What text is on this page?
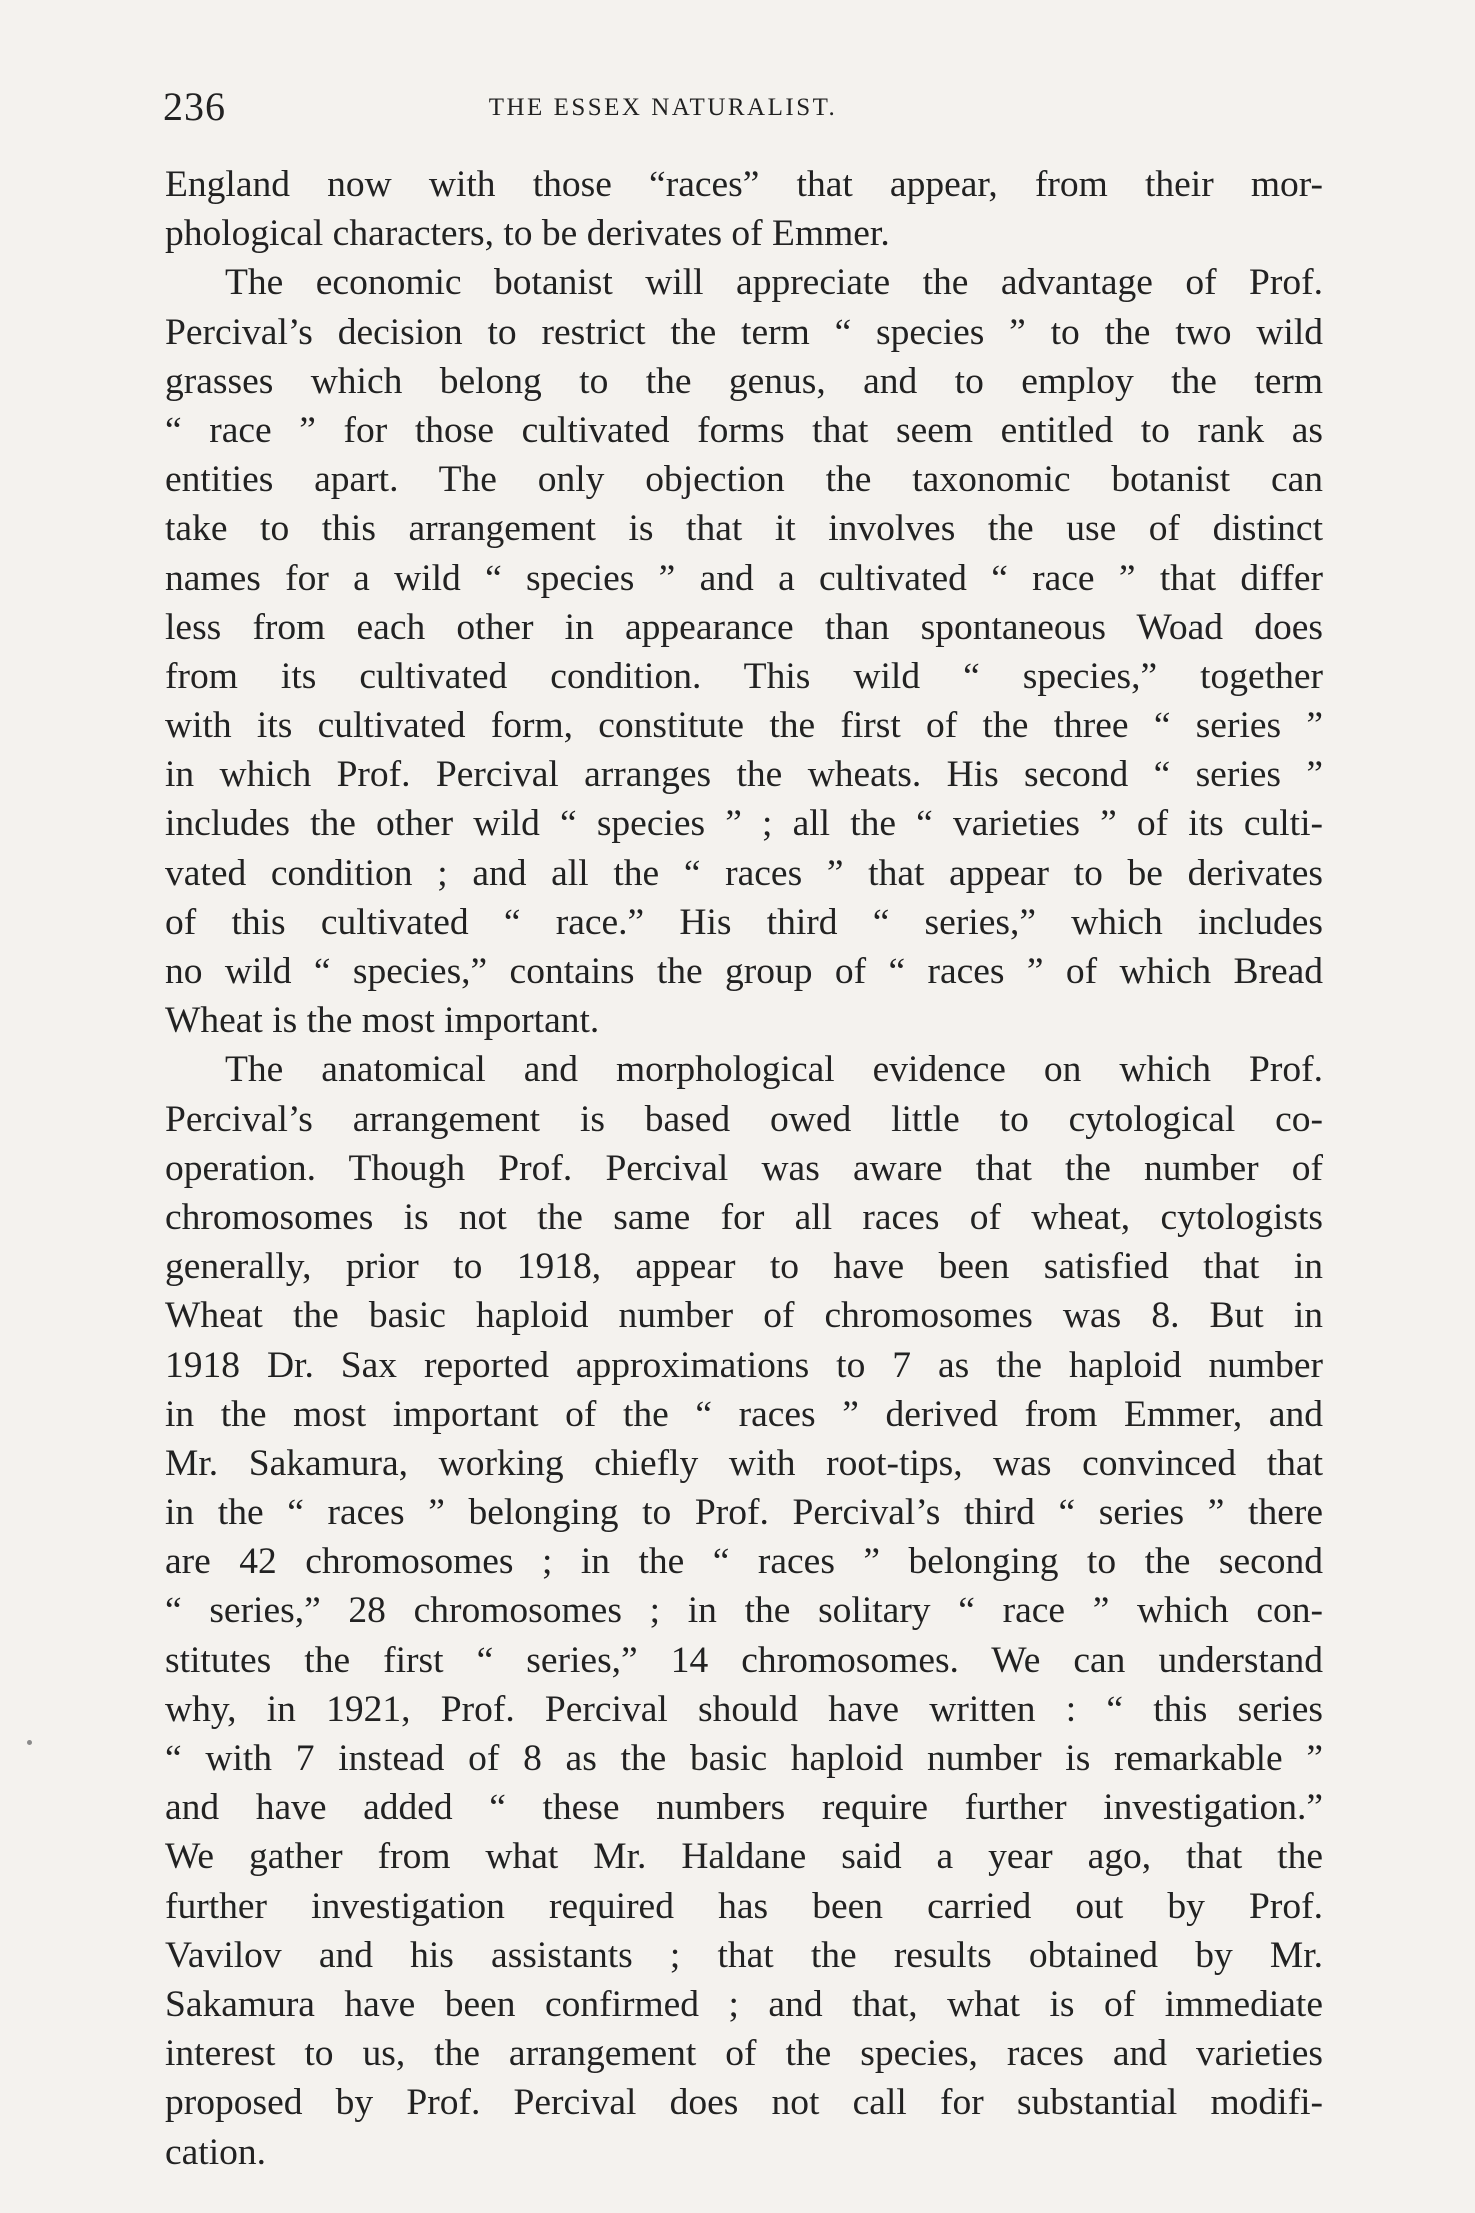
236	THE ESSEX NATURALIST.
England now with those “races” that appear, from their mor-
phological characters, to be derivates of Emmer.
The economic botanist will appreciate the advantage of Prof.
Percival’s decision to restrict the term “ species ” to the two wild
grasses which belong to the genus, and to employ the term
“ race ” for those cultivated forms that seem entitled to rank as
entities apart. The only objection the taxonomic botanist can
take to this arrangement is that it involves the use of distinct
names for a wild “ species ” and a cultivated “ race ” that differ
less from each other in appearance than spontaneous Woad does
from its cultivated condition. This wild “ species,” together
with its cultivated form, constitute the first of the three “ series ”
in which Prof. Percival arranges the wheats. His second “ series ”
includes the other wild “ species ” ; all the “ varieties ” of its culti-
vated condition ; and all the “ races ” that appear to be derivates
of this cultivated “ race.” His third “ series,” which includes
no wild “ species,” contains the group of “ races ” of which Bread
Wheat is the most important.
The anatomical and morphological evidence on which Prof.
Percival’s arrangement is based owed little to cytological co-
operation. Though Prof. Percival was aware that the number of
chromosomes is not the same for all races of wheat, cytologists
generally, prior to 1918, appear to have been satisfied that in
Wheat the basic haploid number of chromosomes was 8. But in
1918 Dr. Sax reported approximations to 7 as the haploid number
in the most important of the “ races ” derived from Emmer, and
Mr. Sakamura, working chiefly with root-tips, was convinced that
in the “ races ” belonging to Prof. Percival’s third “ series ” there
are 42 chromosomes ; in the “ races ” belonging to the second
“ series,” 28 chromosomes ; in the solitary “ race ” which con-
stitutes the first “ series,” 14 chromosomes. We can understand
why, in 1921, Prof. Percival should have written : “ this series
“ with 7 instead of 8 as the basic haploid number is remarkable ”
and have added “ these numbers require further investigation.”
We gather from what Mr. Haldane said a year ago, that the
further investigation required has been carried out by Prof.
Vavilov and his assistants ; that the results obtained by Mr.
Sakamura have been confirmed ; and that, what is of immediate
interest to us, the arrangement of the species, races and varieties
proposed by Prof. Percival does not call for substantial modifi-
cation.
